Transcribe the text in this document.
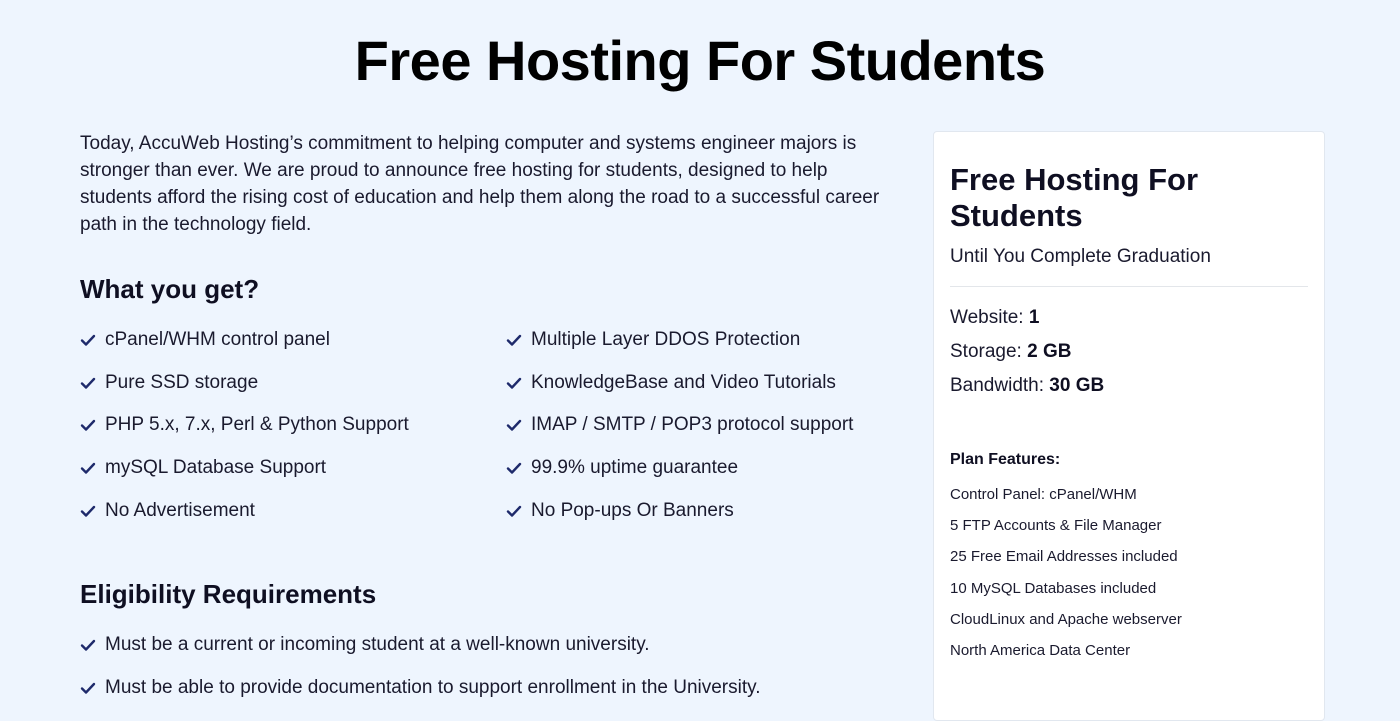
Free Hosting For Students

Today, AccuWeb Hosting’s commitment to helping computer and systems engineer majors is stronger than ever. We are proud to announce free hosting for students, designed to help students afford the rising cost of education and help them along the road to a successful career path in the technology field.

What you get?
cPanel/WHM control panel	Multiple Layer DDOS Protection
Pure SSD storage	KnowledgeBase and Video Tutorials
PHP 5.x, 7.x, Perl & Python Support	IMAP / SMTP / POP3 protocol support
mySQL Database Support	99.9% uptime guarantee
No Advertisement	No Pop-ups Or Banners
Eligibility Requirements
Must be a current or incoming student at a well-known university.
Must be able to provide documentation to support enrollment in the University.
Free Hosting For Students
Until You Complete Graduation
Website: 1
Storage: 2 GB
Bandwidth: 30 GB
Plan Features:
Control Panel: cPanel/WHM
5 FTP Accounts & File Manager
25 Free Email Addresses included
10 MySQL Databases included
CloudLinux and Apache webserver
North America Data Center
